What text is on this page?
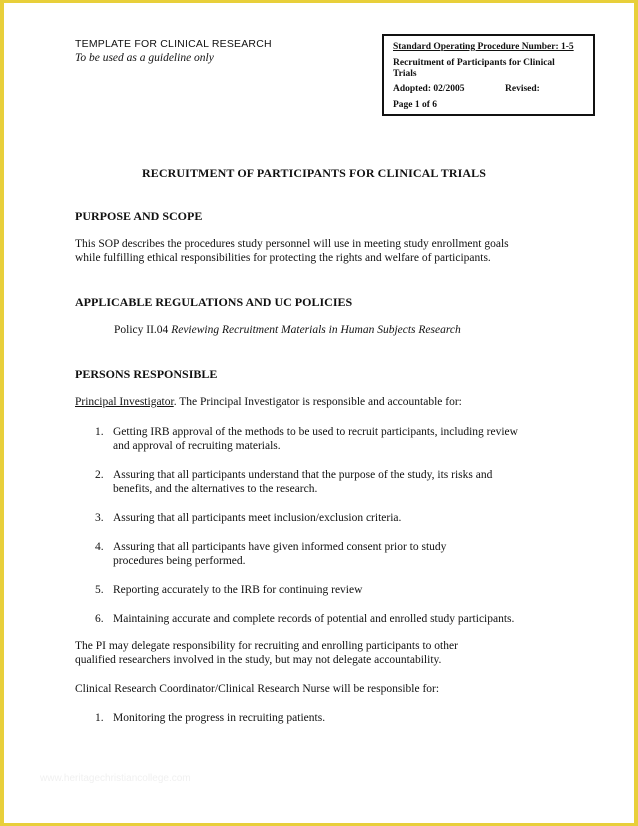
TEMPLATE FOR CLINICAL RESEARCH
To be used as a guideline only
Standard Operating Procedure Number: 1-5
Recruitment of Participants for Clinical
Trials
Adopted: 02/2005	Revised:
Page 1 of 6
RECRUITMENT OF PARTICIPANTS FOR CLINICAL TRIALS
PURPOSE AND SCOPE
This SOP describes the procedures study personnel will use in meeting study enrollment goals
while fulfilling ethical responsibilities for protecting the rights and welfare of participants.
APPLICABLE REGULATIONS AND UC POLICIES
Policy II.04 Reviewing Recruitment Materials in Human Subjects Research
PERSONS RESPONSIBLE
Principal Investigator. The Principal Investigator is responsible and accountable for:
1. Getting IRB approval of the methods to be used to recruit participants, including review
and approval of recruiting materials.
2. Assuring that all participants understand that the purpose of the study, its risks and
benefits, and the alternatives to the research.
3. Assuring that all participants meet inclusion/exclusion criteria.
4. Assuring that all participants have given informed consent prior to study
procedures being performed.
5. Reporting accurately to the IRB for continuing review
6. Maintaining accurate and complete records of potential and enrolled study participants.
The PI may delegate responsibility for recruiting and enrolling participants to other
qualified researchers involved in the study, but may not delegate accountability.
Clinical Research Coordinator/Clinical Research Nurse will be responsible for:
1. Monitoring the progress in recruiting patients.
www.heritagechristiancollege.com
